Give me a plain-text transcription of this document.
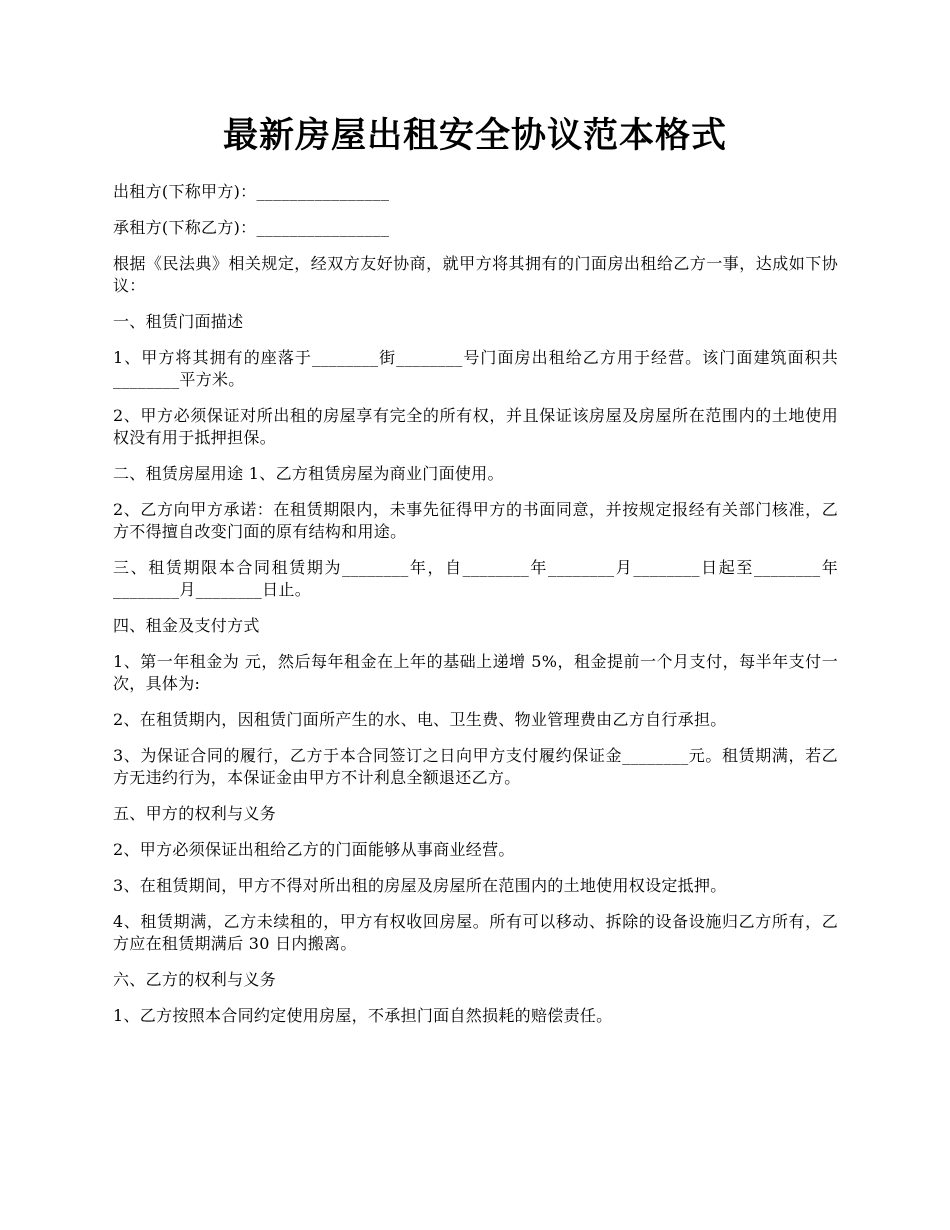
最新房屋出租安全协议范本格式

出租方(下称甲方)：________________

承租方(下称乙方)：________________

根据《民法典》相关规定，经双方友好协商，就甲方将其拥有的门面房出租给乙方一事，达成如下协议：

一、租赁门面描述

1、甲方将其拥有的座落于________街________号门面房出租给乙方用于经营。该门面建筑面积共________平方米。

2、甲方必须保证对所出租的房屋享有完全的所有权，并且保证该房屋及房屋所在范围内的土地使用权没有用于抵押担保。

二、租赁房屋用途 1、乙方租赁房屋为商业门面使用。

2、乙方向甲方承诺：在租赁期限内，未事先征得甲方的书面同意，并按规定报经有关部门核准，乙方不得擅自改变门面的原有结构和用途。

三、租赁期限本合同租赁期为________年，自________年________月________日起至________年________月________日止。

四、租金及支付方式

1、第一年租金为 元，然后每年租金在上年的基础上递增 5%，租金提前一个月支付，每半年支付一次，具体为:

2、在租赁期内，因租赁门面所产生的水、电、卫生费、物业管理费由乙方自行承担。

3、为保证合同的履行，乙方于本合同签订之日向甲方支付履约保证金________元。租赁期满，若乙方无违约行为，本保证金由甲方不计利息全额退还乙方。

五、甲方的权利与义务

2、甲方必须保证出租给乙方的门面能够从事商业经营。

3、在租赁期间，甲方不得对所出租的房屋及房屋所在范围内的土地使用权设定抵押。

4、租赁期满，乙方未续租的，甲方有权收回房屋。所有可以移动、拆除的设备设施归乙方所有，乙方应在租赁期满后 30 日内搬离。

六、乙方的权利与义务

1、乙方按照本合同约定使用房屋，不承担门面自然损耗的赔偿责任。
